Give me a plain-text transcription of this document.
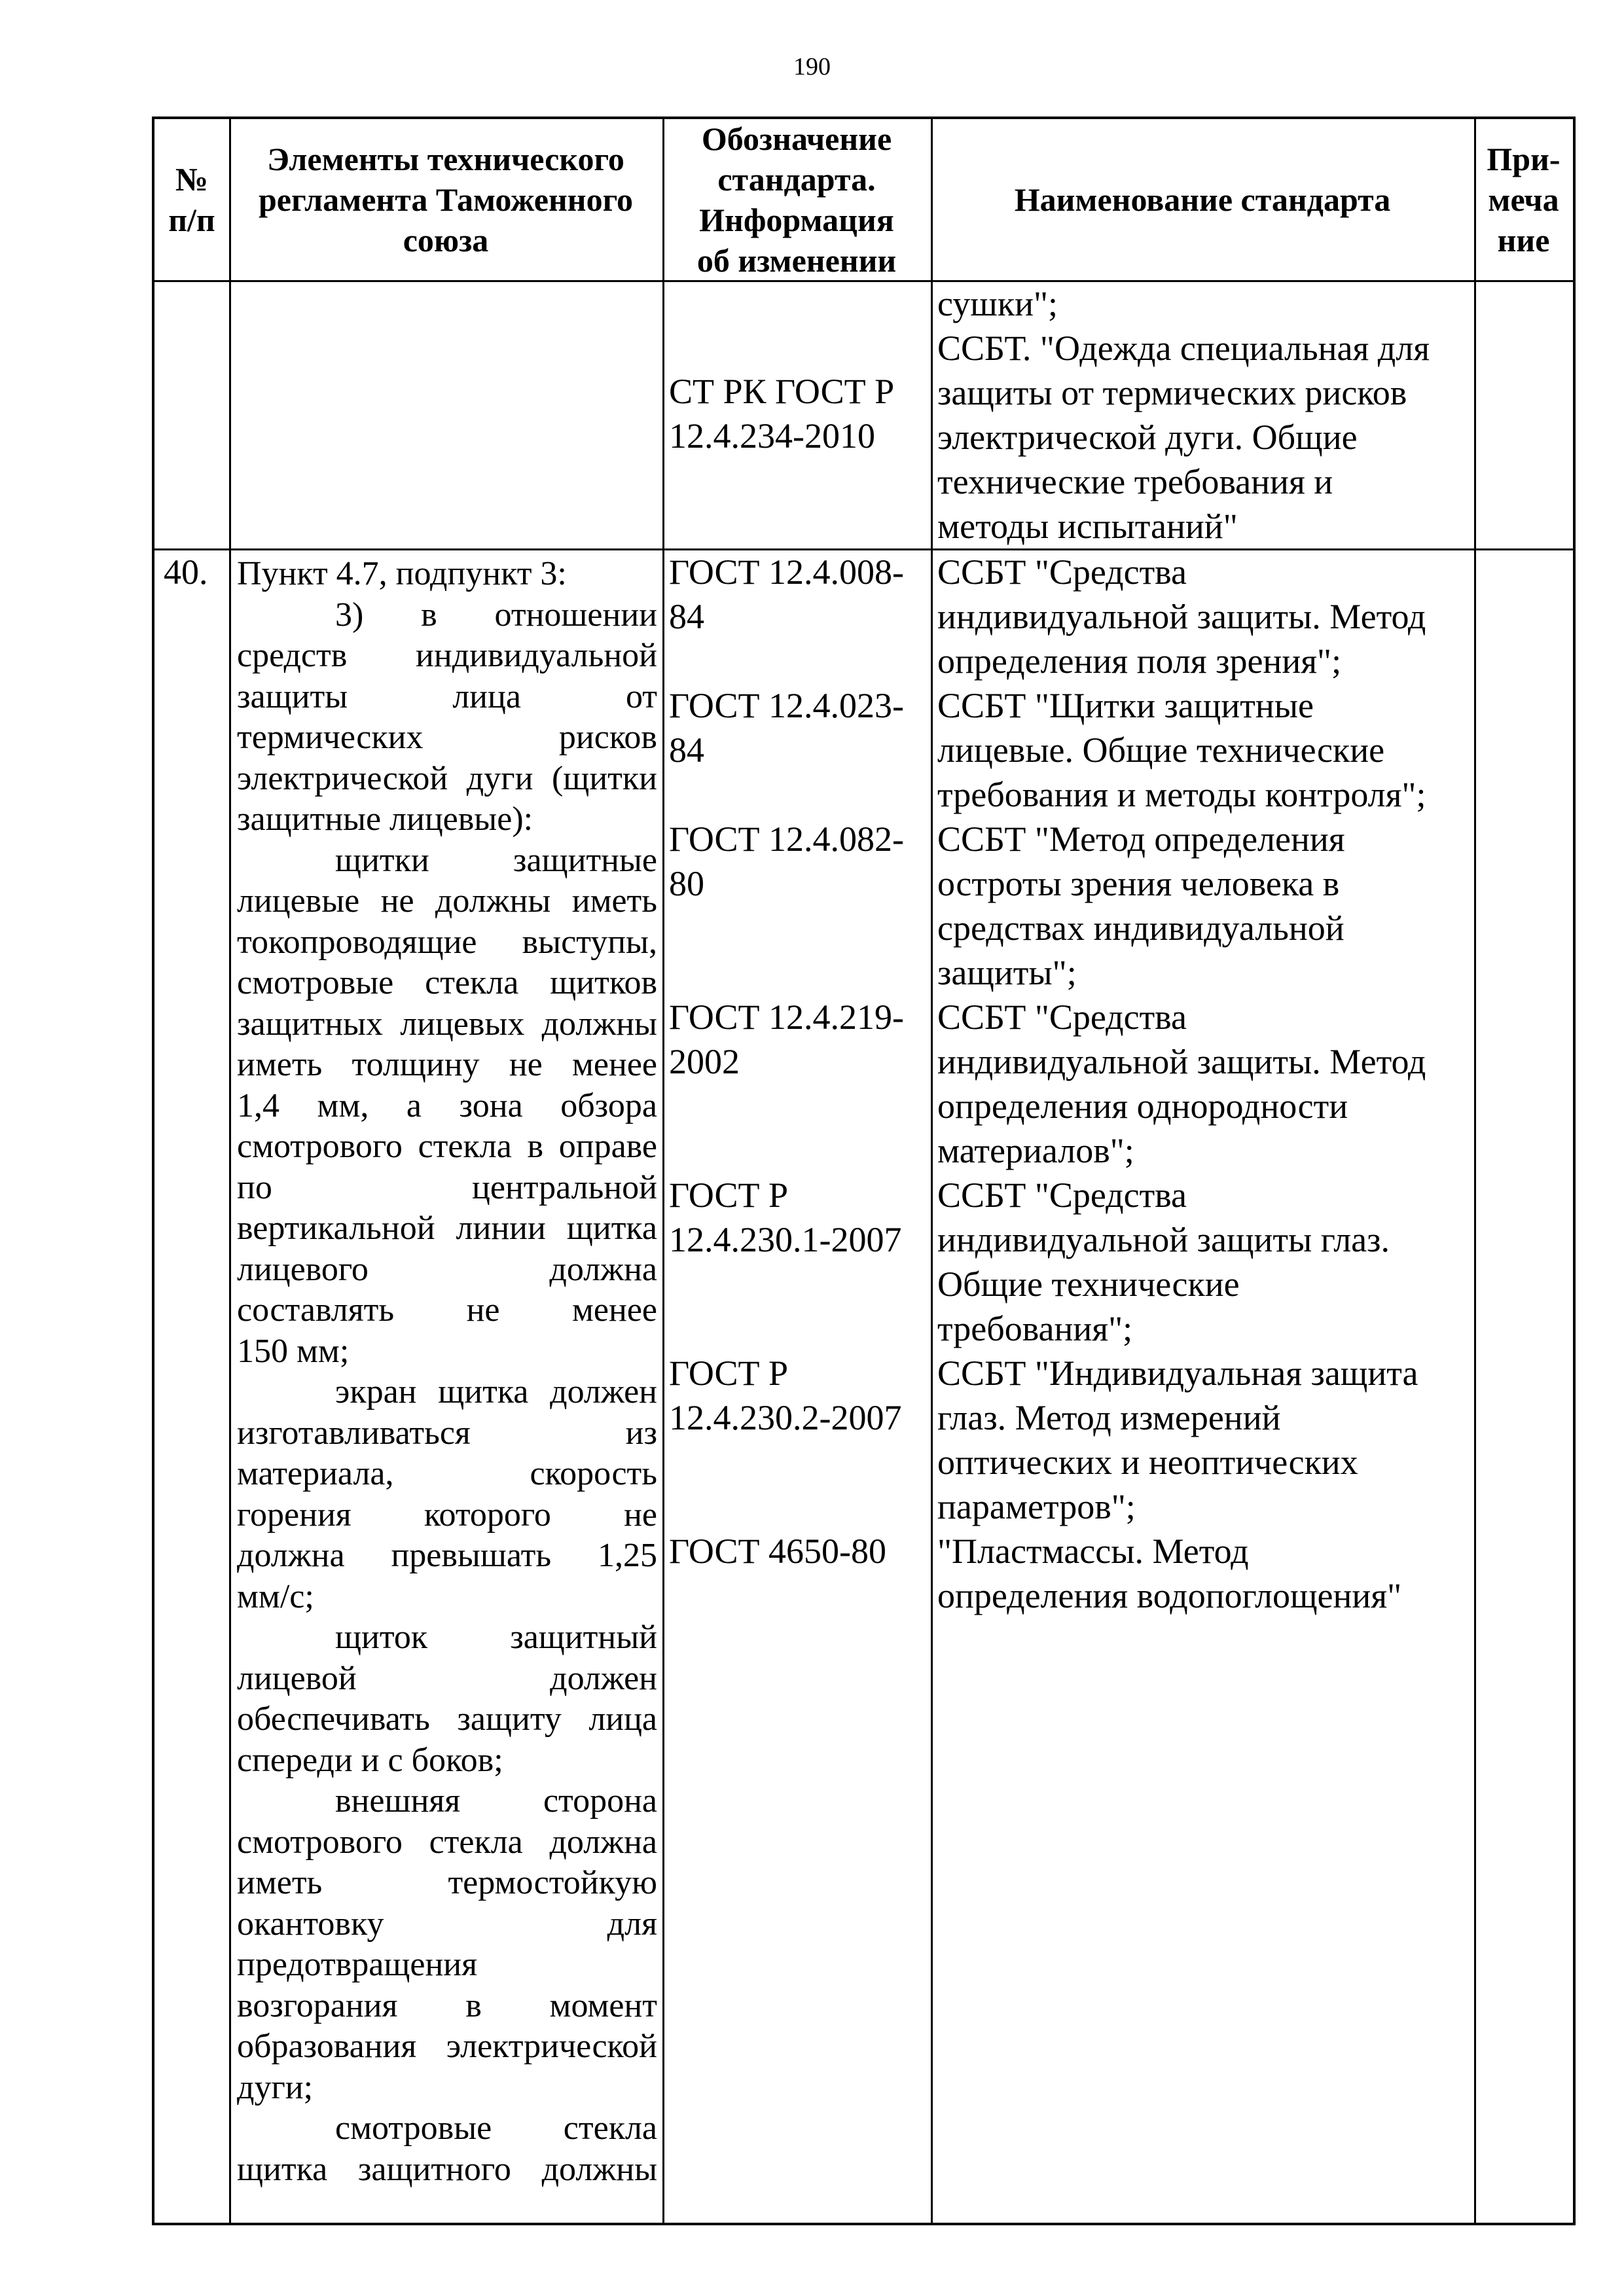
190
№
п/п
Элементы технического
регламента Таможенного
союза
Обозначение
стандарта.
Информация
об изменении
Наименование стандарта
При-
меча
ние

СТ РК ГОСТ Р

12.4.234-2010

сушки";

ССБТ. "Одежда специальная для

защиты от термических рисков

электрической дуги. Общие

технические требования и

методы испытаний"

40. Пункт 4.7, подпункт 3:

3) в отношении

средств индивидуальной

защиты лица от

термических рисков

электрической дуги (щитки

защитные лицевые):

щитки защитные

лицевые не должны иметь

токопроводящие выступы,

смотровые стекла щитков

защитных лицевых должны

иметь толщину не менее

1,4 мм, а зона обзора

смотрового стекла в оправе

по центральной

вертикальной линии щитка

лицевого должна

составлять не менее

150 мм;

экран щитка должен

изготавливаться из

материала, скорость

горения которого не

должна превышать 1,25

мм/с;

щиток защитный

лицевой должен

обеспечивать защиту лица

спереди и с боков;

внешняя сторона

смотрового стекла должна

иметь термостойкую

окантовку для

предотвращения

возгорания в момент

образования электрической

дуги;

смотровые стекла

щитка защитного должны

ГОСТ 12.4.008-

84

ССБТ "Средства

индивидуальной защиты. Метод

определения поля зрения";

ГОСТ 12.4.023-

84

ССБТ "Щитки защитные

лицевые. Общие технические

требования и методы контроля";

ГОСТ 12.4.082-

80

ССБТ "Метод определения

остроты зрения человека в

средствах индивидуальной

защиты";

ГОСТ 12.4.219-

2002

ССБТ "Средства

индивидуальной защиты. Метод

определения однородности

материалов";

ГОСТ Р

12.4.230.1-2007

ССБТ "Средства

индивидуальной защиты глаз.

Общие технические

требования";

ГОСТ Р

12.4.230.2-2007

ССБТ "Индивидуальная защита

глаз. Метод измерений

оптических и неоптических

параметров";

ГОСТ 4650-80	"Пластмассы. Метод

определения водопоглощения"
